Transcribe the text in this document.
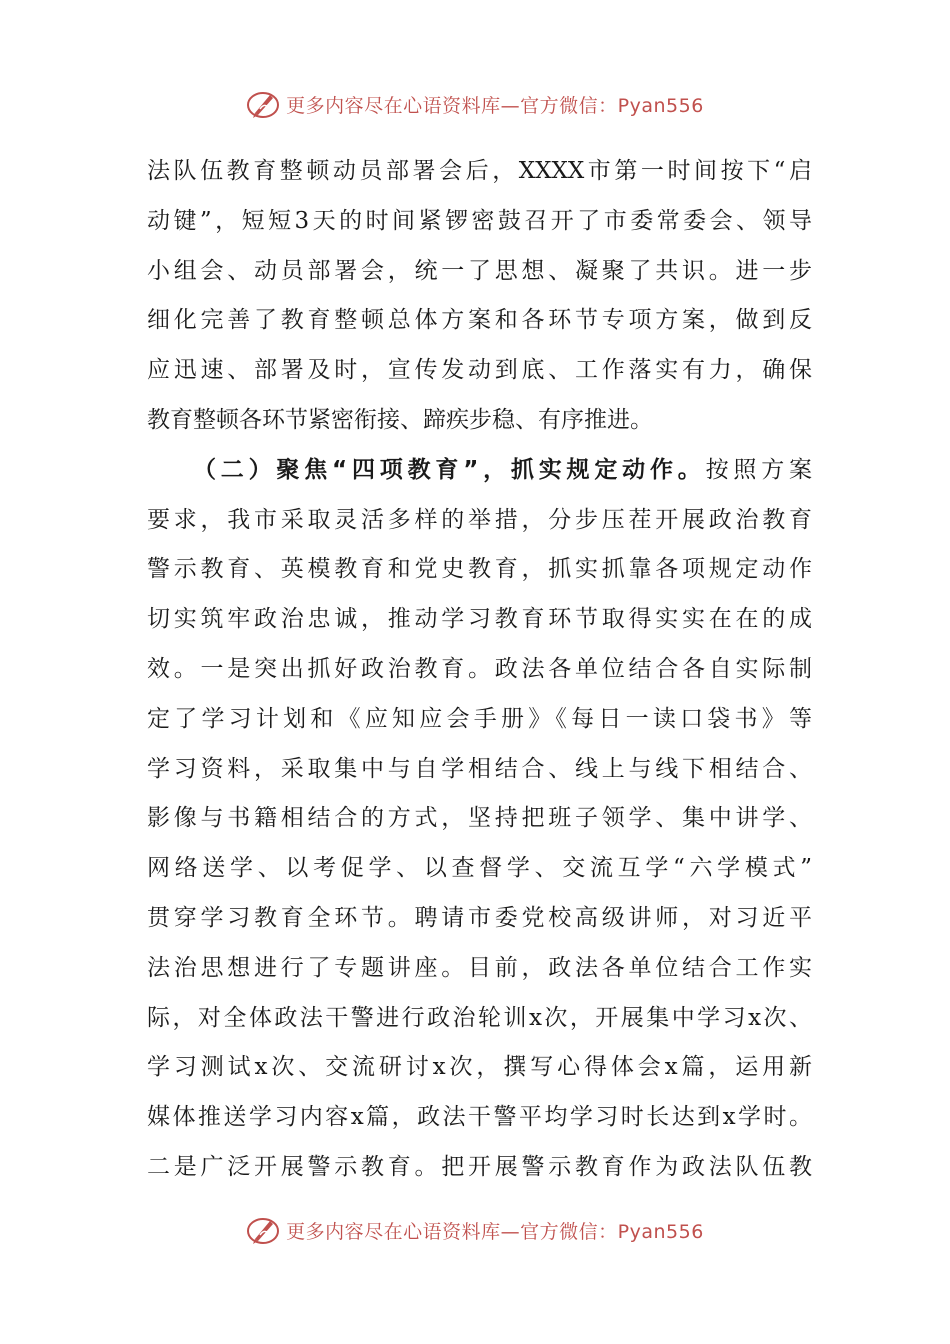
更多内容尽在心语资料库—官方微信：Pyan556
法队伍教育整顿动员部署会后，XXXX市第一时间按下“启
动键”，短短3天的时间紧锣密鼓召开了市委常委会、领导
小组会、动员部署会，统一了思想、凝聚了共识。进一步
细化完善了教育整顿总体方案和各环节专项方案，做到反
应迅速、部署及时，宣传发动到底、工作落实有力，确保
教育整顿各环节紧密衔接、蹄疾步稳、有序推进。
（二）聚焦“四项教育”，抓实规定动作。按照方案
要求，我市采取灵活多样的举措，分步压茬开展政治教育
警示教育、英模教育和党史教育，抓实抓靠各项规定动作
切实筑牢政治忠诚，推动学习教育环节取得实实在在的成
效。一是突出抓好政治教育。政法各单位结合各自实际制
定了学习计划和《应知应会手册》《每日一读口袋书》等
学习资料，采取集中与自学相结合、线上与线下相结合、
影像与书籍相结合的方式，坚持把班子领学、集中讲学、
网络送学、以考促学、以查督学、交流互学“六学模式”
贯穿学习教育全环节。聘请市委党校高级讲师，对习近平
法治思想进行了专题讲座。目前，政法各单位结合工作实
际，对全体政法干警进行政治轮训x次，开展集中学习x次、
学习测试x次、交流研讨x次，撰写心得体会x篇，运用新
媒体推送学习内容x篇，政法干警平均学习时长达到x学时。
二是广泛开展警示教育。把开展警示教育作为政法队伍教
更多内容尽在心语资料库—官方微信：Pyan556
